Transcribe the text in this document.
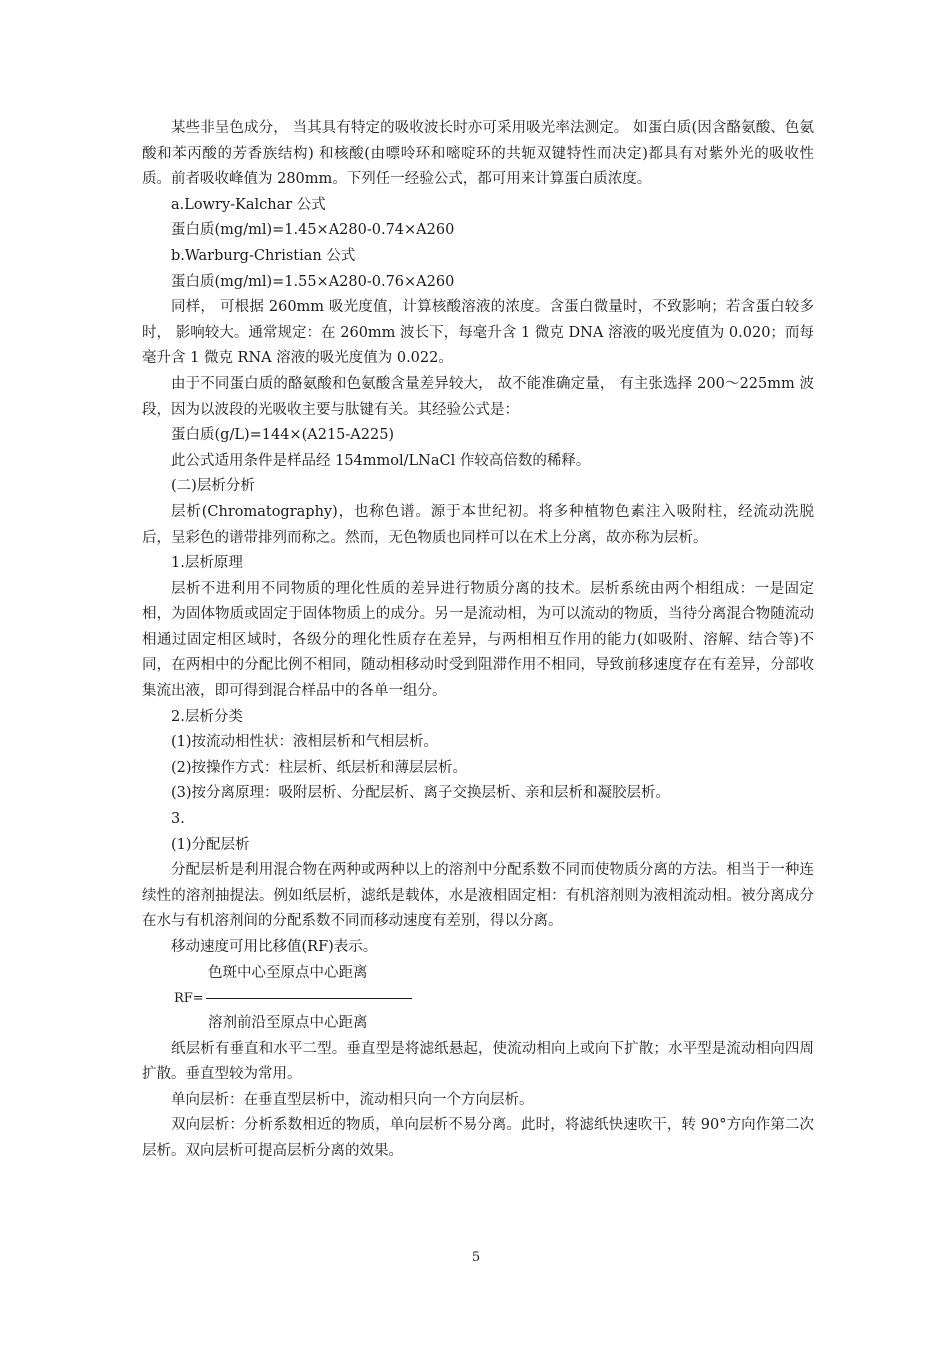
某些非呈色成分， 当其具有特定的吸收波长时亦可采用吸光率法测定。 如蛋白质(因含酪氨酸、色氨酸和苯丙酸的芳香族结构) 和核酸(由嘌呤环和嘧啶环的共轭双键特性而决定)都具有对紫外光的吸收性质。前者吸收峰值为 280mm。下列任一经验公式，都可用来计算蛋白质浓度。

a.Lowry-Kalchar 公式

蛋白质(mg/ml)=1.45×A280-0.74×A260

b.Warburg-Christian 公式

蛋白质(mg/ml)=1.55×A280-0.76×A260

同样， 可根据 260mm 吸光度值，计算核酸溶液的浓度。含蛋白微量时，不致影响；若含蛋白较多时， 影响较大。通常规定：在 260mm 波长下，每毫升含 1 微克 DNA 溶液的吸光度值为 0.020；而每毫升含 1 微克 RNA 溶液的吸光度值为 0.022。

由于不同蛋白质的酪氨酸和色氨酸含量差异较大， 故不能准确定量， 有主张选择 200～225mm 波段，因为以波段的光吸收主要与肽键有关。其经验公式是：

蛋白质(g/L)=144×(A215-A225)

此公式适用条件是样品经 154mmol/LNaCl 作较高倍数的稀释。

(二)层析分析

层析(Chromatography)，也称色谱。源于本世纪初。将多种植物色素注入吸附柱，经流动洗脱后，呈彩色的谱带排列而称之。然而，无色物质也同样可以在术上分离，故亦称为层析。

1.层析原理

层析不进利用不同物质的理化性质的差异进行物质分离的技术。层析系统由两个相组成：一是固定相，为固体物质或固定于固体物质上的成分。另一是流动相，为可以流动的物质，当待分离混合物随流动相通过固定相区域时，各级分的理化性质存在差异，与两相相互作用的能力(如吸附、溶解、结合等)不同，在两相中的分配比例不相同，随动相移动时受到阻滞作用不相同，导致前移速度存在有差异，分部收集流出液，即可得到混合样品中的各单一组分。

2.层析分类

(1)按流动相性状：液相层析和气相层析。

(2)按操作方式：柱层析、纸层析和薄层层析。

(3)按分离原理：吸附层析、分配层析、离子交换层析、亲和层析和凝胶层析。

3.

(1)分配层析

分配层析是利用混合物在两种或两种以上的溶剂中分配系数不同而使物质分离的方法。相当于一种连续性的溶剂抽提法。例如纸层析，滤纸是载体，水是液相固定相：有机溶剂则为液相流动相。被分离成分在水与有机溶剂间的分配系数不同而移动速度有差别，得以分离。

移动速度可用比移值(RF)表示。

色斑中心至原点中心距离
RF=
溶剂前沿至原点中心距离

纸层析有垂直和水平二型。垂直型是将滤纸悬起，使流动相向上或向下扩散；水平型是流动相向四周扩散。垂直型较为常用。

单向层析：在垂直型层析中，流动相只向一个方向层析。

双向层析：分析系数相近的物质，单向层析不易分离。此时，将滤纸快速吹干，转 90°方向作第二次层析。双向层析可提高层析分离的效果。

5
